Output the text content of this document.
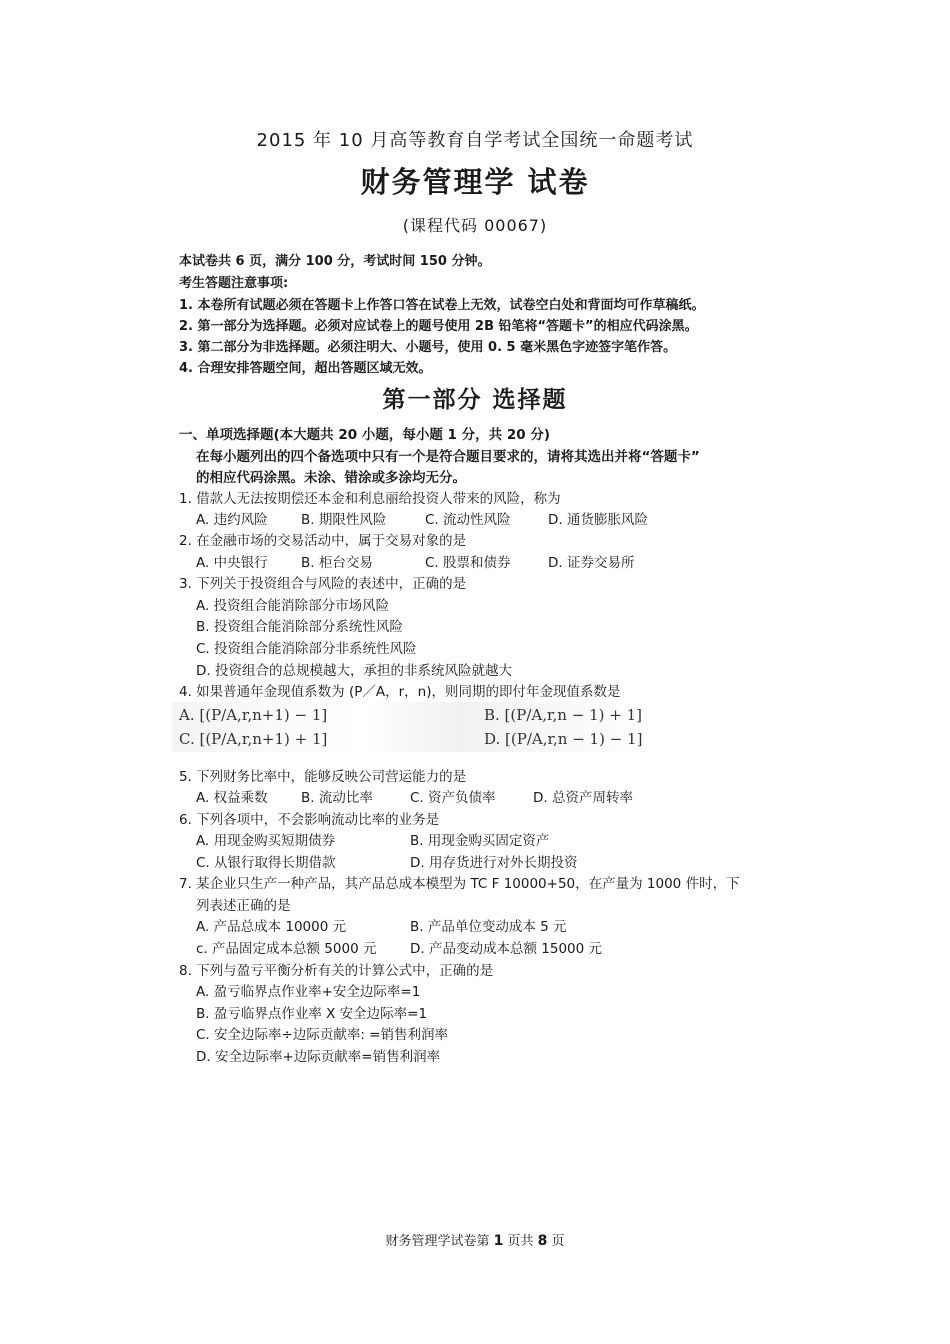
2015 年 10 月高等教育自学考试全国统一命题考试
财务管理学 试卷
(课程代码 00067)
本试卷共 6 页，满分 100 分，考试时间 150 分钟。
考生答题注意事项:
1. 本卷所有试题必须在答题卡上作答口答在试卷上无效，试卷空白处和背面均可作草稿纸。
2. 第一部分为选择题。必须对应试卷上的题号使用 2B 铅笔将“答题卡”的相应代码涂黑。
3. 第二部分为非选择题。必须注明大、小题号，使用 0. 5 毫米黑色字迹签字笔作答。
4. 合理安排答题空间，超出答题区域无效。
第一部分 选择题
一、单项选择题(本大题共 20 小题，每小题 1 分，共 20 分)
在每小题列出的四个备选项中只有一个是符合题目要求的，请将其选出并将“答题卡”
的相应代码涂黑。未涂、错涂或多涂均无分。
1. 借款人无法按期偿还本金和利息丽给投资人带来的风险，称为
A. 违约风险 B. 期限性风险	C. 流动性风险	D. 通货膨胀风险
2. 在金融市场的交易活动中，属于交易对象的是
A. 中央银行 B. 柜台交易	C. 股票和债券	D. 证券交易所
3. 下列关于投资组合与风险的表述中，正确的是
A. 投资组合能消除部分市场风险
B. 投资组合能消除部分系统性风险
C. 投资组合能消除部分非系统性风险
D. 投资组合的总规模越大，承担的非系统风险就越大
4. 如果普通年金现值系数为 (P／A，r，n)，则同期的即付年金现值系数是
A. [(P/A,r,n+1) − 1]	B. [(P/A,r,n − 1) + 1]
C. [(P/A,r,n+1) + 1]	D. [(P/A,r,n − 1) − 1]
5. 下列财务比率中，能够反映公司营运能力的是
A. 权益乘数 B. 流动比率	C. 资产负债率	D. 总资产周转率
6. 下列各项中，不会影响流动比率的业务是
A. 用现金购买短期债券	B. 用现金购买固定资产
C. 从银行取得长期借款	D. 用存货进行对外长期投资
7. 某企业只生产一种产品，其产品总成本模型为 TC F 10000+50，在产量为 1000 件时，下
列表述正确的是
A. 产品总成本 10000 元	B. 产品单位变动成本 5 元
c. 产品固定成本总额 5000 元 D. 产品变动成本总额 15000 元
8. 下列与盈亏平衡分析有关的计算公式中，正确的是
A. 盈亏临界点作业率+安全边际率=1
B. 盈亏临界点作业率 X 安全边际率=1
C. 安全边际率÷边际贡献率: =销售利润率
D. 安全边际率+边际贡献率=销售利润率
财务管理学试卷第 1 页共 8 页
